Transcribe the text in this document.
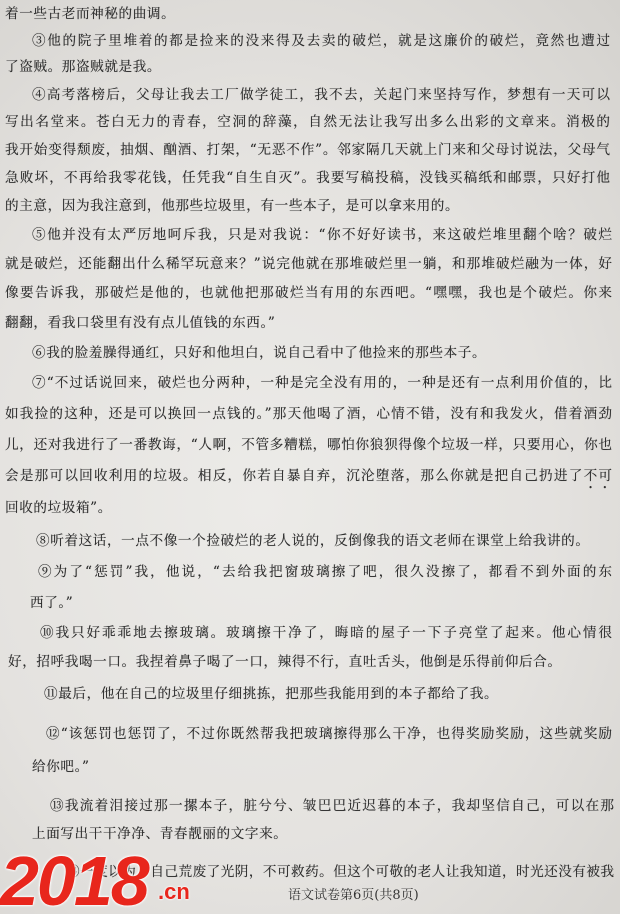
着一些古老而神秘的曲调。
③他的院子里堆着的都是捡来的没来得及去卖的破烂，就是这廉价的破烂，竟然也遭过
了盗贼。那盗贼就是我。
④高考落榜后，父母让我去工厂做学徒工，我不去，关起门来坚持写作，梦想有一天可以
写出名堂来。苍白无力的青春，空洞的辞藻，自然无法让我写出多么出彩的文章来。消极的
我开始变得颓废，抽烟、酗酒、打架，“无恶不作”。邻家隔几天就上门来和父母讨说法，父母气
急败坏，不再给我零花钱，任凭我“自生自灭”。我要写稿投稿，没钱买稿纸和邮票，只好打他
的主意，因为我注意到，他那些垃圾里，有一些本子，是可以拿来用的。
⑤他并没有太严厉地呵斥我，只是对我说：“你不好好读书，来这破烂堆里翻个啥？破烂
就是破烂，还能翻出什么稀罕玩意来？”说完他就在那堆破烂里一躺，和那堆破烂融为一体，好
像要告诉我，那破烂是他的，也就他把那破烂当有用的东西吧。“嘿嘿，我也是个破烂。你来
翻翻，看我口袋里有没有点儿值钱的东西。”
⑥我的脸羞臊得通红，只好和他坦白，说自己看中了他捡来的那些本子。
⑦“不过话说回来，破烂也分两种，一种是完全没有用的，一种是还有一点利用价值的，比
如我捡的这种，还是可以换回一点钱的。”那天他喝了酒，心情不错，没有和我发火，借着酒劲
儿，还对我进行了一番教诲，“人啊，不管多糟糕，哪怕你狼狈得像个垃圾一样，只要用心，你也
会是那可以回收利用的垃圾。相反，你若自暴自弃，沉沦堕落，那么你就是把自己扔进了不可
回收的垃圾箱”。
⑧听着这话，一点不像一个捡破烂的老人说的，反倒像我的语文老师在课堂上给我讲的。
⑨为了“惩罚”我，他说，“去给我把窗玻璃擦了吧，很久没擦了，都看不到外面的东
西了。”
⑩我只好乖乖地去擦玻璃。玻璃擦干净了，晦暗的屋子一下子亮堂了起来。他心情很
好，招呼我喝一口。我捏着鼻子喝了一口，辣得不行，直吐舌头，他倒是乐得前仰后合。
⑪最后，他在自己的垃圾里仔细挑拣，把那些我能用到的本子都给了我。
⑫“该惩罚也惩罚了，不过你既然帮我把玻璃擦得那么干净，也得奖励奖励，这些就奖励
给你吧。”
⑬我流着泪接过那一摞本子，脏兮兮、皱巴巴近迟暮的本子，我却坚信自己，可以在那
上面写出干干净净、青春靓丽的文字来。
⑭一度以为，自己荒废了光阴，不可救药。但这个可敬的老人让我知道，时光还没有被我
语文试卷第6页(共8页)
2018 .cn
